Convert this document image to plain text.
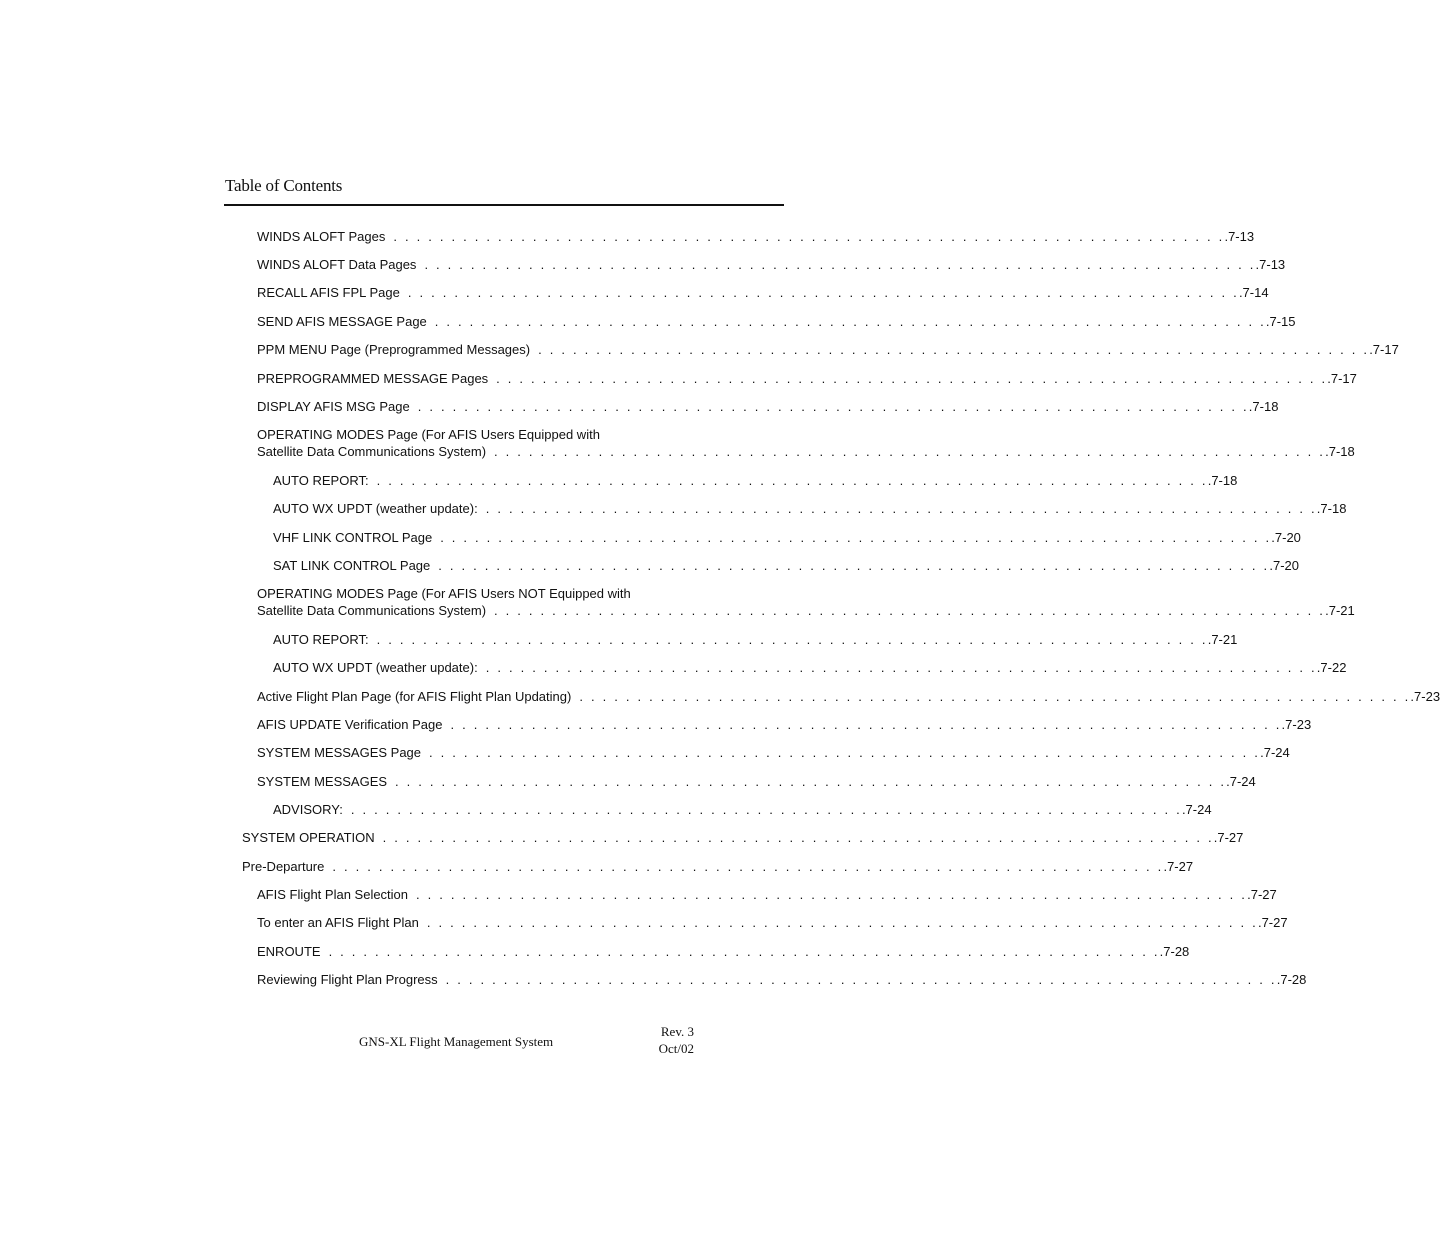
Table of Contents
WINDS ALOFT Pages . . . . . . . . . . . . . . . . . . . . . . . . . . . . . . . . . . . . . . . . . . . . . . . . . . . . . . . . . . . . . . . . . . . . . . . . .7-13
WINDS ALOFT Data Pages . . . . . . . . . . . . . . . . . . . . . . . . . . . . . . . . . . . . . . . . . . . . . . . . . . . . . . . . . . . . . . . . . . . . . . . . .7-13
RECALL AFIS FPL Page . . . . . . . . . . . . . . . . . . . . . . . . . . . . . . . . . . . . . . . . . . . . . . . . . . . . . . . . . . . . . . . . . . . . . . . . .7-14
SEND AFIS MESSAGE Page . . . . . . . . . . . . . . . . . . . . . . . . . . . . . . . . . . . . . . . . . . . . . . . . . . . . . . . . . . . . . . . . . . . . . . . . .7-15
PPM MENU Page (Preprogrammed Messages) . . . . . . . . . . . . . . . . . . . . . . . . . . . . . . . . . . . . . . . . . . . . . . . . . . . . . . . . . . . . . . . . . . . . . . . . .7-17
PREPROGRAMMED MESSAGE Pages . . . . . . . . . . . . . . . . . . . . . . . . . . . . . . . . . . . . . . . . . . . . . . . . . . . . . . . . . . . . . . . . . . . . . . . . .7-17
DISPLAY AFIS MSG Page . . . . . . . . . . . . . . . . . . . . . . . . . . . . . . . . . . . . . . . . . . . . . . . . . . . . . . . . . . . . . . . . . . . . . . . . .7-18
OPERATING MODES Page (For AFIS Users Equipped with
Satellite Data Communications System) . . . . . . . . . . . . . . . . . . . . . . . . . . . . . . . . . . . . . . . . . . . . . . . . . . . . . . . . . . . . . . . . . . . . . . . . .7-18
AUTO REPORT: . . . . . . . . . . . . . . . . . . . . . . . . . . . . . . . . . . . . . . . . . . . . . . . . . . . . . . . . . . . . . . . . . . . . . . . . .7-18
AUTO WX UPDT (weather update): . . . . . . . . . . . . . . . . . . . . . . . . . . . . . . . . . . . . . . . . . . . . . . . . . . . . . . . . . . . . . . . . . . . . . . . . .7-18
VHF LINK CONTROL Page . . . . . . . . . . . . . . . . . . . . . . . . . . . . . . . . . . . . . . . . . . . . . . . . . . . . . . . . . . . . . . . . . . . . . . . . .7-20
SAT LINK CONTROL Page . . . . . . . . . . . . . . . . . . . . . . . . . . . . . . . . . . . . . . . . . . . . . . . . . . . . . . . . . . . . . . . . . . . . . . . . .7-20
OPERATING MODES Page (For AFIS Users NOT Equipped with
Satellite Data Communications System) . . . . . . . . . . . . . . . . . . . . . . . . . . . . . . . . . . . . . . . . . . . . . . . . . . . . . . . . . . . . . . . . . . . . . . . . .7-21
AUTO REPORT: . . . . . . . . . . . . . . . . . . . . . . . . . . . . . . . . . . . . . . . . . . . . . . . . . . . . . . . . . . . . . . . . . . . . . . . . .7-21
AUTO WX UPDT (weather update): . . . . . . . . . . . . . . . . . . . . . . . . . . . . . . . . . . . . . . . . . . . . . . . . . . . . . . . . . . . . . . . . . . . . . . . . .7-22
Active Flight Plan Page (for AFIS Flight Plan Updating) . . . . . . . . . . . . . . . . . . . . . . . . . . . . . . . . . . . . . . . . . . . . . . . . . . . . . . . . . . . . . . . . . . . . . . . . .7-23
AFIS UPDATE Verification Page . . . . . . . . . . . . . . . . . . . . . . . . . . . . . . . . . . . . . . . . . . . . . . . . . . . . . . . . . . . . . . . . . . . . . . . . .7-23
SYSTEM MESSAGES Page . . . . . . . . . . . . . . . . . . . . . . . . . . . . . . . . . . . . . . . . . . . . . . . . . . . . . . . . . . . . . . . . . . . . . . . . .7-24
SYSTEM MESSAGES . . . . . . . . . . . . . . . . . . . . . . . . . . . . . . . . . . . . . . . . . . . . . . . . . . . . . . . . . . . . . . . . . . . . . . . . .7-24
ADVISORY: . . . . . . . . . . . . . . . . . . . . . . . . . . . . . . . . . . . . . . . . . . . . . . . . . . . . . . . . . . . . . . . . . . . . . . . . .7-24
SYSTEM OPERATION . . . . . . . . . . . . . . . . . . . . . . . . . . . . . . . . . . . . . . . . . . . . . . . . . . . . . . . . . . . . . . . . . . . . . . . . .7-27
Pre-Departure . . . . . . . . . . . . . . . . . . . . . . . . . . . . . . . . . . . . . . . . . . . . . . . . . . . . . . . . . . . . . . . . . . . . . . . . .7-27
AFIS Flight Plan Selection . . . . . . . . . . . . . . . . . . . . . . . . . . . . . . . . . . . . . . . . . . . . . . . . . . . . . . . . . . . . . . . . . . . . . . . . .7-27
To enter an AFIS Flight Plan . . . . . . . . . . . . . . . . . . . . . . . . . . . . . . . . . . . . . . . . . . . . . . . . . . . . . . . . . . . . . . . . . . . . . . . . .7-27
ENROUTE . . . . . . . . . . . . . . . . . . . . . . . . . . . . . . . . . . . . . . . . . . . . . . . . . . . . . . . . . . . . . . . . . . . . . . . . .7-28
Reviewing Flight Plan Progress . . . . . . . . . . . . . . . . . . . . . . . . . . . . . . . . . . . . . . . . . . . . . . . . . . . . . . . . . . . . . . . . . . . . . . . . .7-28
GNS-XL Flight Management System
Rev. 3
Oct/02
